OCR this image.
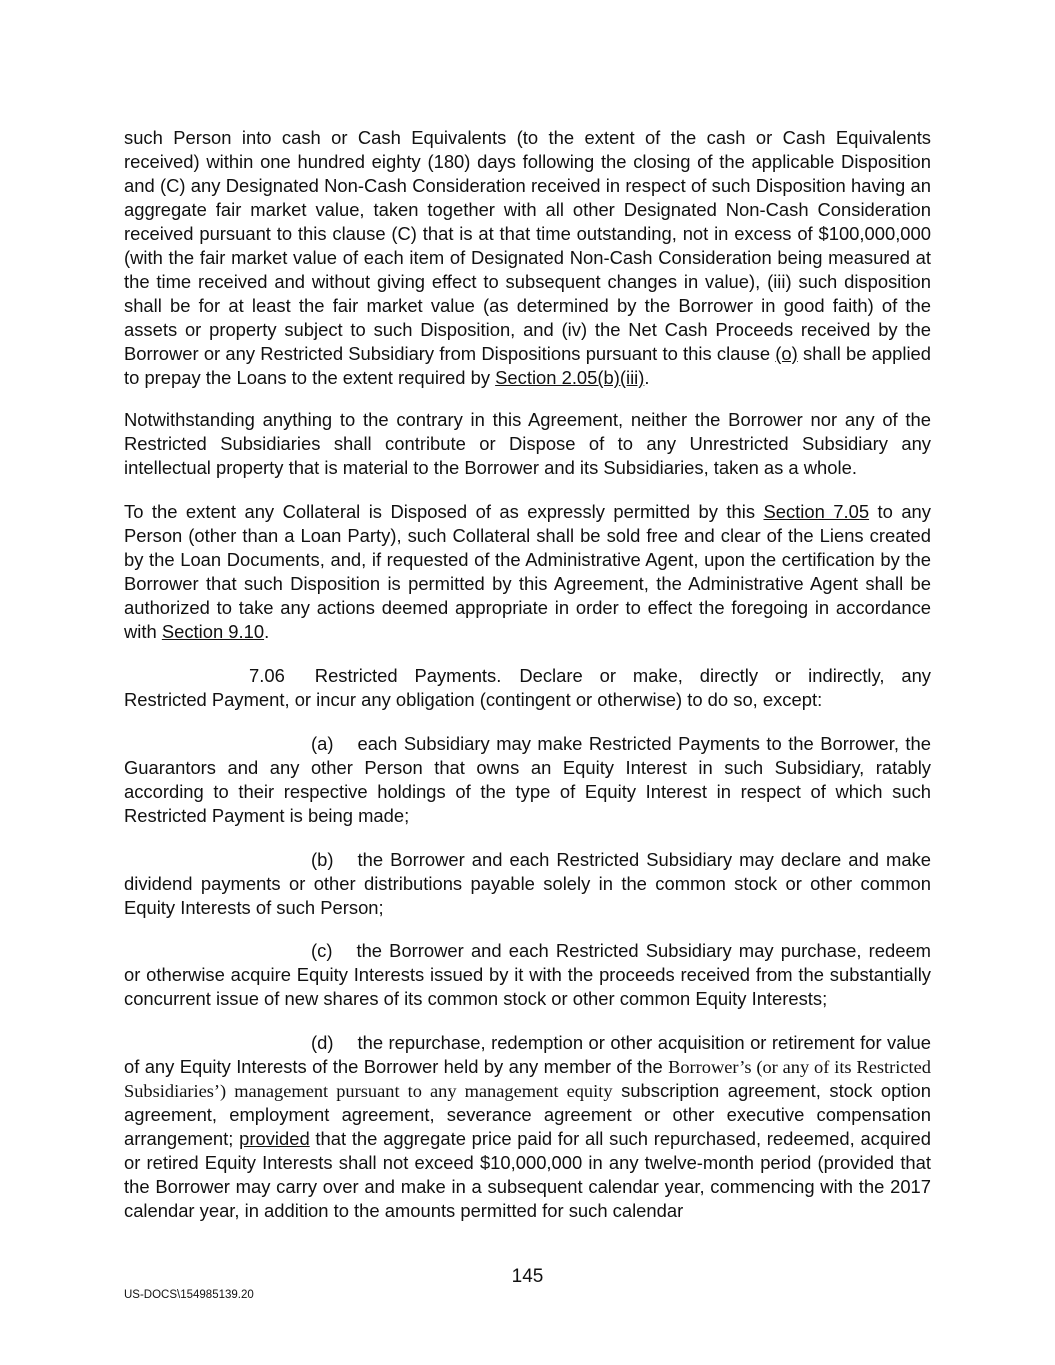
such Person into cash or Cash Equivalents (to the extent of the cash or Cash Equivalents received) within one hundred eighty (180) days following the closing of the applicable Disposition and (C) any Designated Non-Cash Consideration received in respect of such Disposition having an aggregate fair market value, taken together with all other Designated Non-Cash Consideration received pursuant to this clause (C) that is at that time outstanding, not in excess of $100,000,000 (with the fair market value of each item of Designated Non-Cash Consideration being measured at the time received and without giving effect to subsequent changes in value), (iii) such disposition shall be for at least the fair market value (as determined by the Borrower in good faith) of the assets or property subject to such Disposition, and (iv) the Net Cash Proceeds received by the Borrower or any Restricted Subsidiary from Dispositions pursuant to this clause (o) shall be applied to prepay the Loans to the extent required by Section 2.05(b)(iii).

Notwithstanding anything to the contrary in this Agreement, neither the Borrower nor any of the Restricted Subsidiaries shall contribute or Dispose of to any Unrestricted Subsidiary any intellectual property that is material to the Borrower and its Subsidiaries, taken as a whole.

To the extent any Collateral is Disposed of as expressly permitted by this Section 7.05 to any Person (other than a Loan Party), such Collateral shall be sold free and clear of the Liens created by the Loan Documents, and, if requested of the Administrative Agent, upon the certification by the Borrower that such Disposition is permitted by this Agreement, the Administrative Agent shall be authorized to take any actions deemed appropriate in order to effect the foregoing in accordance with Section 9.10.

7.06 Restricted Payments. Declare or make, directly or indirectly, any Restricted Payment, or incur any obligation (contingent or otherwise) to do so, except:

(a) each Subsidiary may make Restricted Payments to the Borrower, the Guarantors and any other Person that owns an Equity Interest in such Subsidiary, ratably according to their respective holdings of the type of Equity Interest in respect of which such Restricted Payment is being made;

(b) the Borrower and each Restricted Subsidiary may declare and make dividend payments or other distributions payable solely in the common stock or other common Equity Interests of such Person;

(c) the Borrower and each Restricted Subsidiary may purchase, redeem or otherwise acquire Equity Interests issued by it with the proceeds received from the substantially concurrent issue of new shares of its common stock or other common Equity Interests;

(d) the repurchase, redemption or other acquisition or retirement for value of any Equity Interests of the Borrower held by any member of the Borrower’s (or any of its Restricted Subsidiaries’) management pursuant to any management equity subscription agreement, stock option agreement, employment agreement, severance agreement or other executive compensation arrangement; provided that the aggregate price paid for all such repurchased, redeemed, acquired or retired Equity Interests shall not exceed $10,000,000 in any twelve-month period (provided that the Borrower may carry over and make in a subsequent calendar year, commencing with the 2017 calendar year, in addition to the amounts permitted for such calendar

145
US-DOCS\154985139.20
